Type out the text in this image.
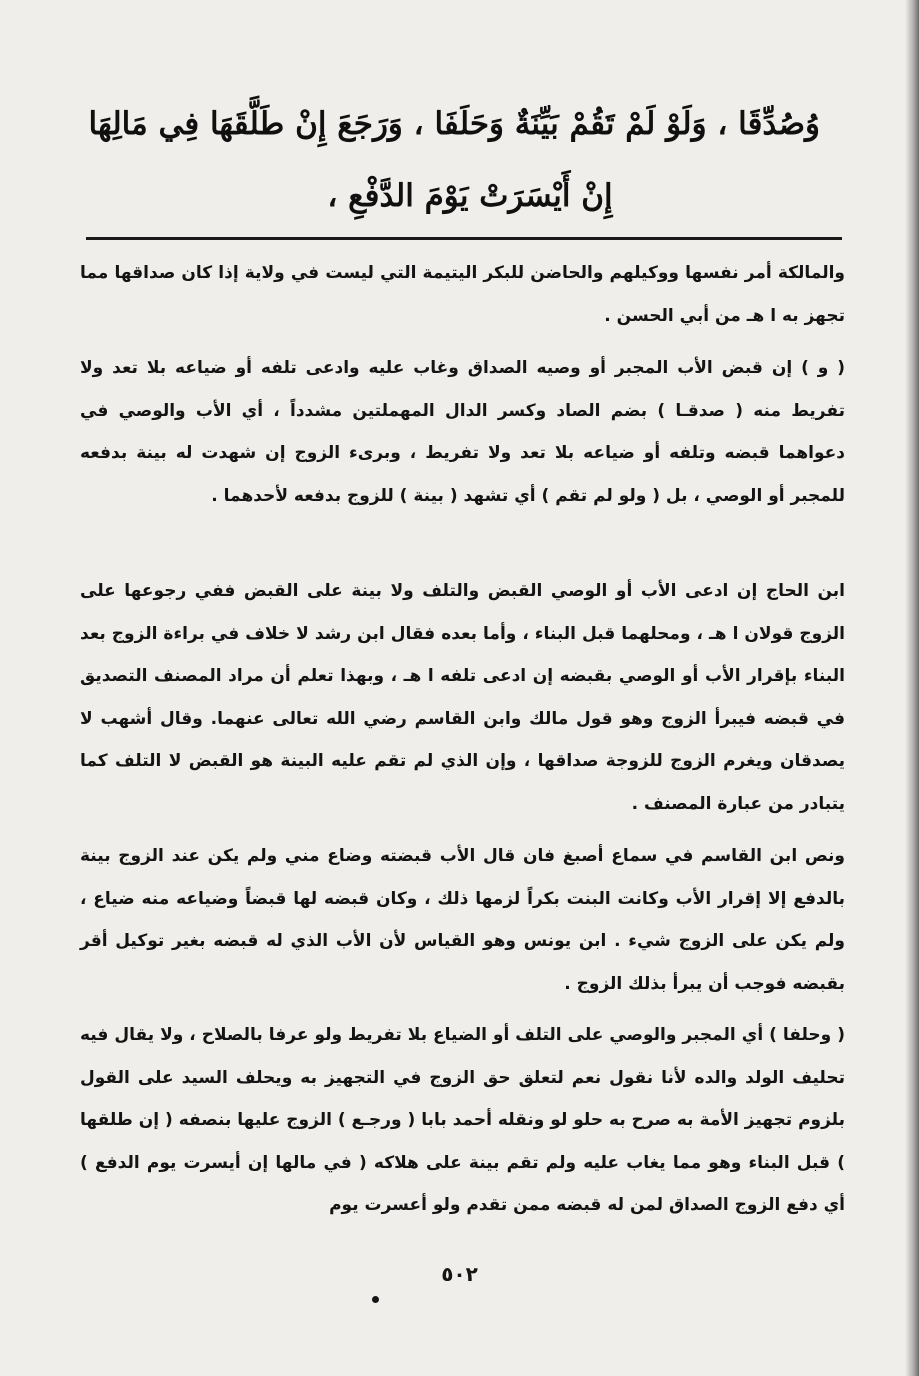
وُصُدِّقَا ، وَلَوْ لَمْ تَقُمْ بَيِّنَةٌ وَحَلَفَا ، وَرَجَعَ إِنْ طَلَّقَهَا فِي مَالِهَا
إِنْ أَيْسَرَتْ يَوْمَ الدَّفْعِ ،

والمالكة أمر نفسها ووكيلهم والحاضن للبكر اليتيمة التي ليست في ولاية إذا كان صداقها مما تجهز به ا هـ من أبي الحسن .

( و ) إن قبض الأب المجبر أو وصيه الصداق وغاب عليه وادعى تلفه أو ضياعه بلا تعد ولا تفريط منه ( صدقـا ) بضم الصاد وكسر الدال المهملتين مشدداً ، أي الأب والوصي في دعواهما قبضه وتلفه أو ضياعه بلا تعد ولا تفريط ، وبرىء الزوج إن شهدت له بينة بدفعه للمجبر أو الوصي ، بل ( ولو لم تقم ) أي تشهد ( بينة ) للزوج بدفعه لأحدهما .

ابن الحاج إن ادعى الأب أو الوصي القبض والتلف ولا بينة على القبض ففي رجوعها على الزوج قولان ا هـ ، ومحلهما قبل البناء ، وأما بعده فقال ابن رشد لا خلاف في براءة الزوج بعد البناء بإقرار الأب أو الوصي بقبضه إن ادعى تلفه ا هـ ، وبهذا تعلم أن مراد المصنف التصديق في قبضه فيبرأ الزوج وهو قول مالك وابن القاسم رضي الله تعالى عنهما. وقال أشهب لا يصدقان ويغرم الزوج للزوجة صداقها ، وإن الذي لم تقم عليه البينة هو القبض لا التلف كما يتبادر من عبارة المصنف .

ونص ابن القاسم في سماع أصبغ فان قال الأب قبضته وضاع مني ولم يكن عند الزوج بينة بالدفع إلا إقرار الأب وكانت البنت بكراً لزمها ذلك ، وكان قبضه لها قبضاً وضياعه منه ضياع ، ولم يكن على الزوج شيء . ابن يونس وهو القياس لأن الأب الذي له قبضه بغير توكيل أقر بقبضه فوجب أن يبرأ بذلك الزوج .

( وحلفا ) أي المجبر والوصي على التلف أو الضياع بلا تفريط ولو عرفا بالصلاح ، ولا يقال فيه تحليف الولد والده لأنا نقول نعم لتعلق حق الزوج في التجهيز به ويحلف السيد على القول بلزوم تجهيز الأمة به صرح به حلو لو ونقله أحمد بابا ( ورجـع ) الزوج عليها بنصفه ( إن طلقها ) قبل البناء وهو مما يغاب عليه ولم تقم بينة على هلاكه ( في مالها إن أيسرت يوم الدفع ) أي دفع الزوج الصداق لمن له قبضه ممن تقدم ولو أعسرت يوم

٥٠٢
